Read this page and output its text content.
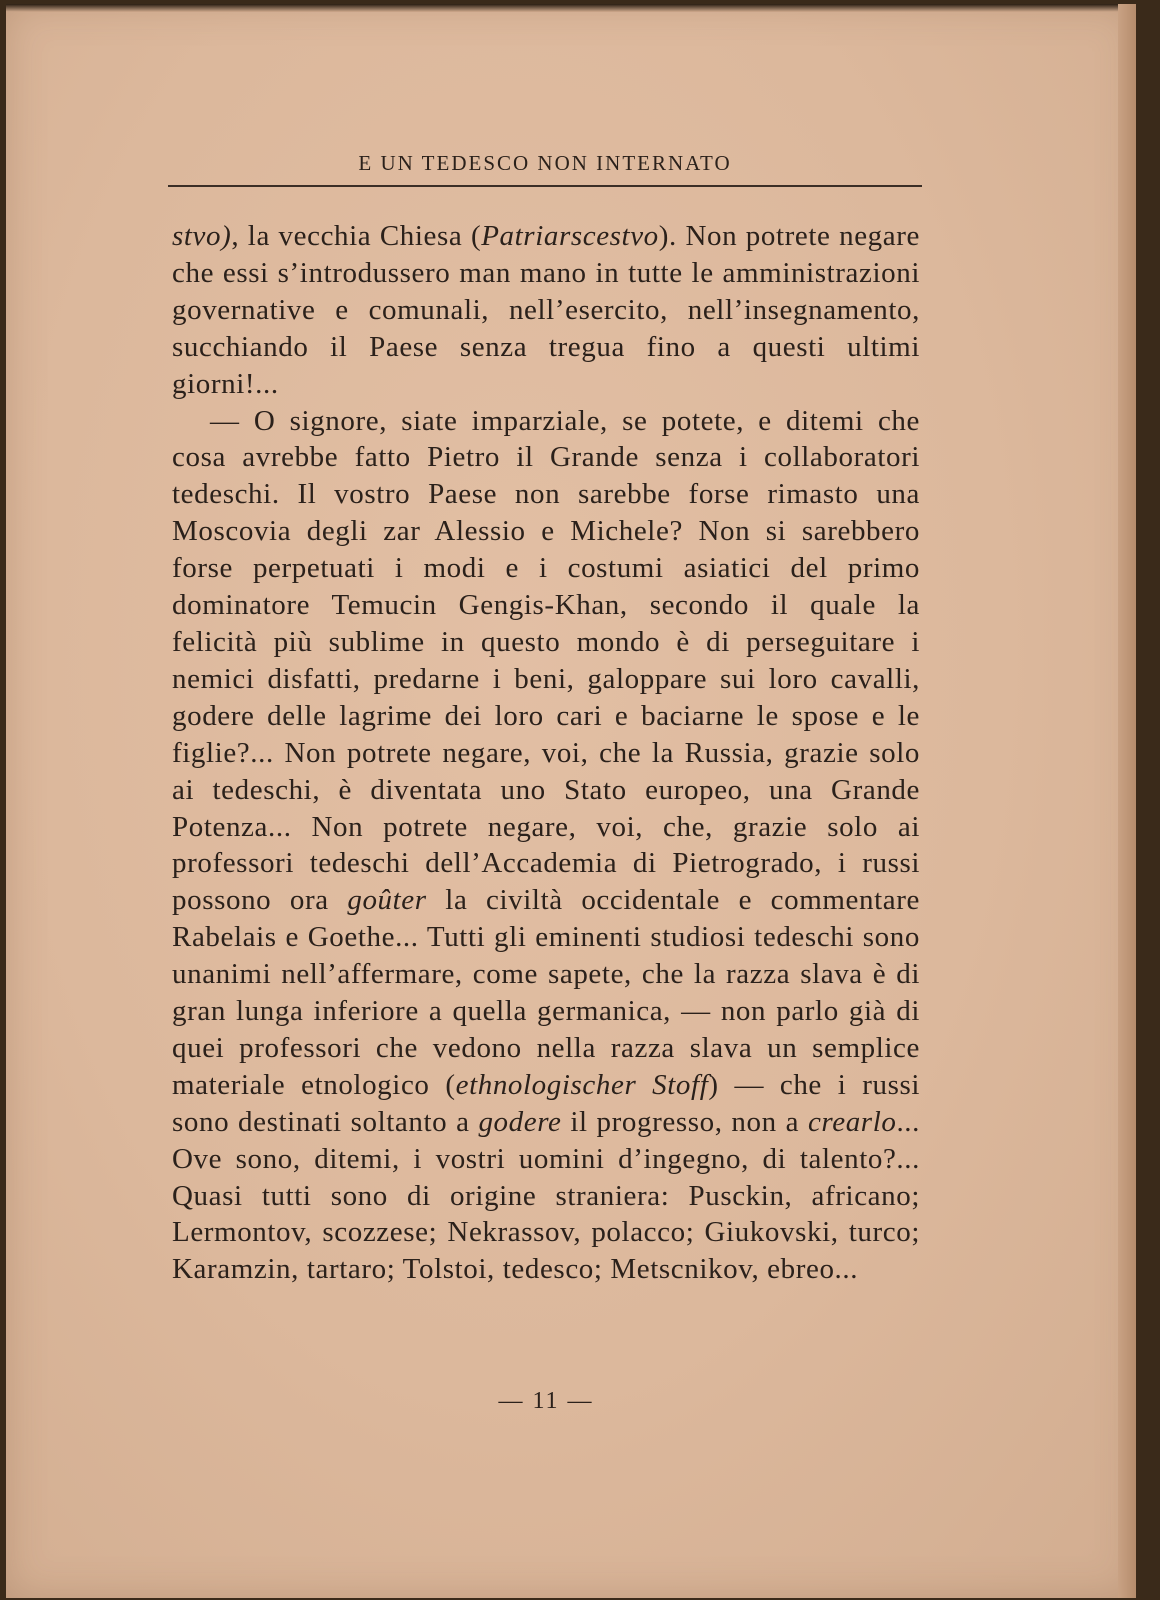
E UN TEDESCO NON INTERNATO

stvo), la vecchia Chiesa (Patriarscestvo). Non potrete negare che essi s’introdussero man mano in tutte le amministrazioni governative e comunali, nell’esercito, nell’insegnamento, succhiando il Paese senza tregua fino a questi ultimi giorni!...

— O signore, siate imparziale, se potete, e ditemi che cosa avrebbe fatto Pietro il Grande senza i collaboratori tedeschi. Il vostro Paese non sarebbe forse rimasto una Moscovia degli zar Alessio e Michele? Non si sarebbero forse perpetuati i modi e i costumi asiatici del primo dominatore Temucin Gengis-Khan, secondo il quale la felicità più sublime in questo mondo è di perseguitare i nemici disfatti, predarne i beni, galoppare sui loro cavalli, godere delle lagrime dei loro cari e baciarne le spose e le figlie?... Non potrete negare, voi, che la Russia, grazie solo ai tedeschi, è diventata uno Stato europeo, una Grande Potenza... Non potrete negare, voi, che, grazie solo ai professori tedeschi dell’Accademia di Pietrogrado, i russi possono ora goûter la civiltà occidentale e commentare Rabelais e Goethe... Tutti gli eminenti studiosi tedeschi sono unanimi nell’affermare, come sapete, che la razza slava è di gran lunga inferiore a quella germanica, — non parlo già di quei professori che vedono nella razza slava un semplice materiale etnologico (ethnologischer Stoff) — che i russi sono destinati soltanto a godere il progresso, non a crearlo... Ove sono, ditemi, i vostri uomini d’ingegno, di talento?... Quasi tutti sono di origine straniera: Pusckin, africano; Lermontov, scozzese; Nekrassov, polacco; Giukovski, turco; Karamzin, tartaro; Tolstoi, tedesco; Metscnikov, ebreo...

— 11 —
